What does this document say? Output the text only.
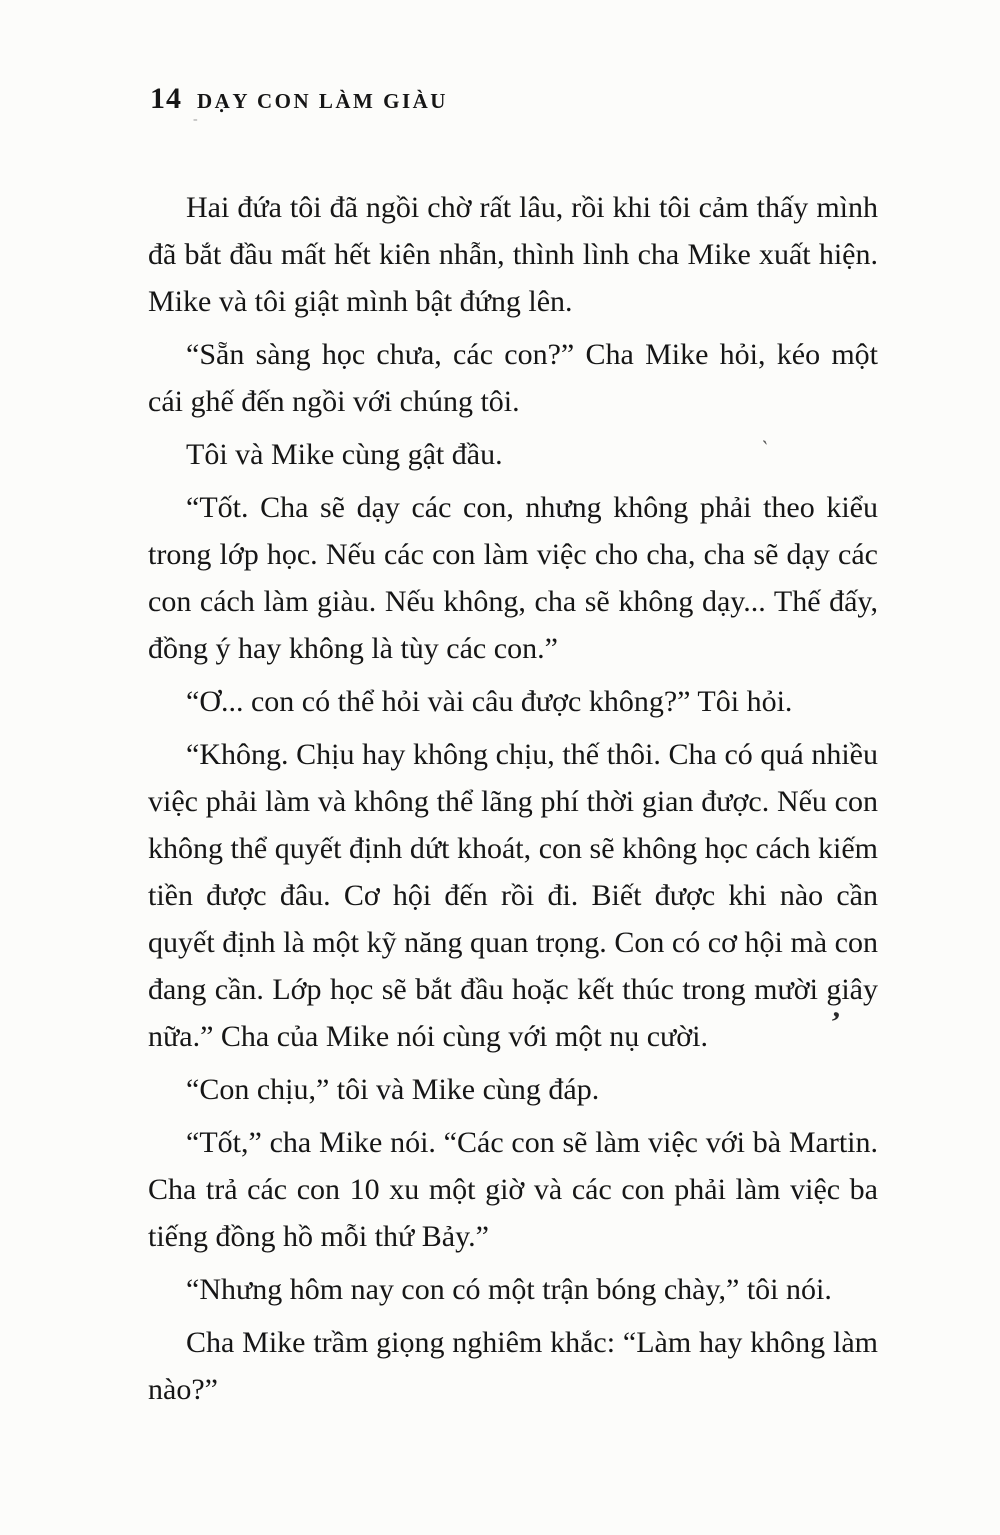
14 DẠY CON LÀM GIÀU

Hai đứa tôi đã ngồi chờ rất lâu, rồi khi tôi cảm thấy mình đã bắt đầu mất hết kiên nhẫn, thình lình cha Mike xuất hiện. Mike và tôi giật mình bật đứng lên.

“Sẵn sàng học chưa, các con?” Cha Mike hỏi, kéo một cái ghế đến ngồi với chúng tôi.

Tôi và Mike cùng gật đầu.

“Tốt. Cha sẽ dạy các con, nhưng không phải theo kiểu trong lớp học. Nếu các con làm việc cho cha, cha sẽ dạy các con cách làm giàu. Nếu không, cha sẽ không dạy... Thế đấy, đồng ý hay không là tùy các con.”

“Ơ... con có thể hỏi vài câu được không?” Tôi hỏi.

“Không. Chịu hay không chịu, thế thôi. Cha có quá nhiều việc phải làm và không thể lãng phí thời gian được. Nếu con không thể quyết định dứt khoát, con sẽ không học cách kiếm tiền được đâu. Cơ hội đến rồi đi. Biết được khi nào cần quyết định là một kỹ năng quan trọng. Con có cơ hội mà con đang cần. Lớp học sẽ bắt đầu hoặc kết thúc trong mười giây nữa.” Cha của Mike nói cùng với một nụ cười.

“Con chịu,” tôi và Mike cùng đáp.

“Tốt,” cha Mike nói. “Các con sẽ làm việc với bà Martin. Cha trả các con 10 xu một giờ và các con phải làm việc ba tiếng đồng hồ mỗi thứ Bảy.”

“Nhưng hôm nay con có một trận bóng chày,” tôi nói.

Cha Mike trầm giọng nghiêm khắc: “Làm hay không làm nào?”

-
`
’
